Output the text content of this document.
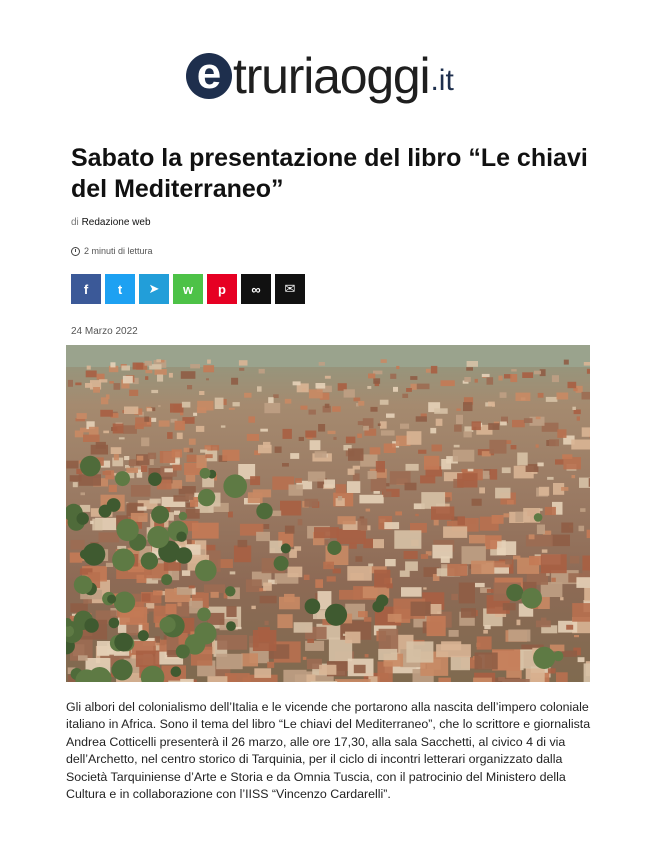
e truriaoggi .it
Sabato la presentazione del libro “Le chiavi del Mediterraneo”
di Redazione web
2 minuti di lettura
f t ➤ w p ∞ ✉
24 Marzo 2022

Gli albori del colonialismo dell’Italia e le vicende che portarono alla nascita dell’impero coloniale italiano in Africa. Sono il tema del libro “Le chiavi del Mediterraneo”, che lo scrittore e giornalista Andrea Cotticelli presenterà il 26 marzo, alle ore 17,30, alla sala Sacchetti, al civico 4 di via dell’Archetto, nel centro storico di Tarquinia, per il ciclo di incontri letterari organizzato dalla Società Tarquiniense d’Arte e Storia e da Omnia Tuscia, con il patrocinio del Ministero della Cultura e in collaborazione con l’IISS “Vincenzo Cardarelli”.
